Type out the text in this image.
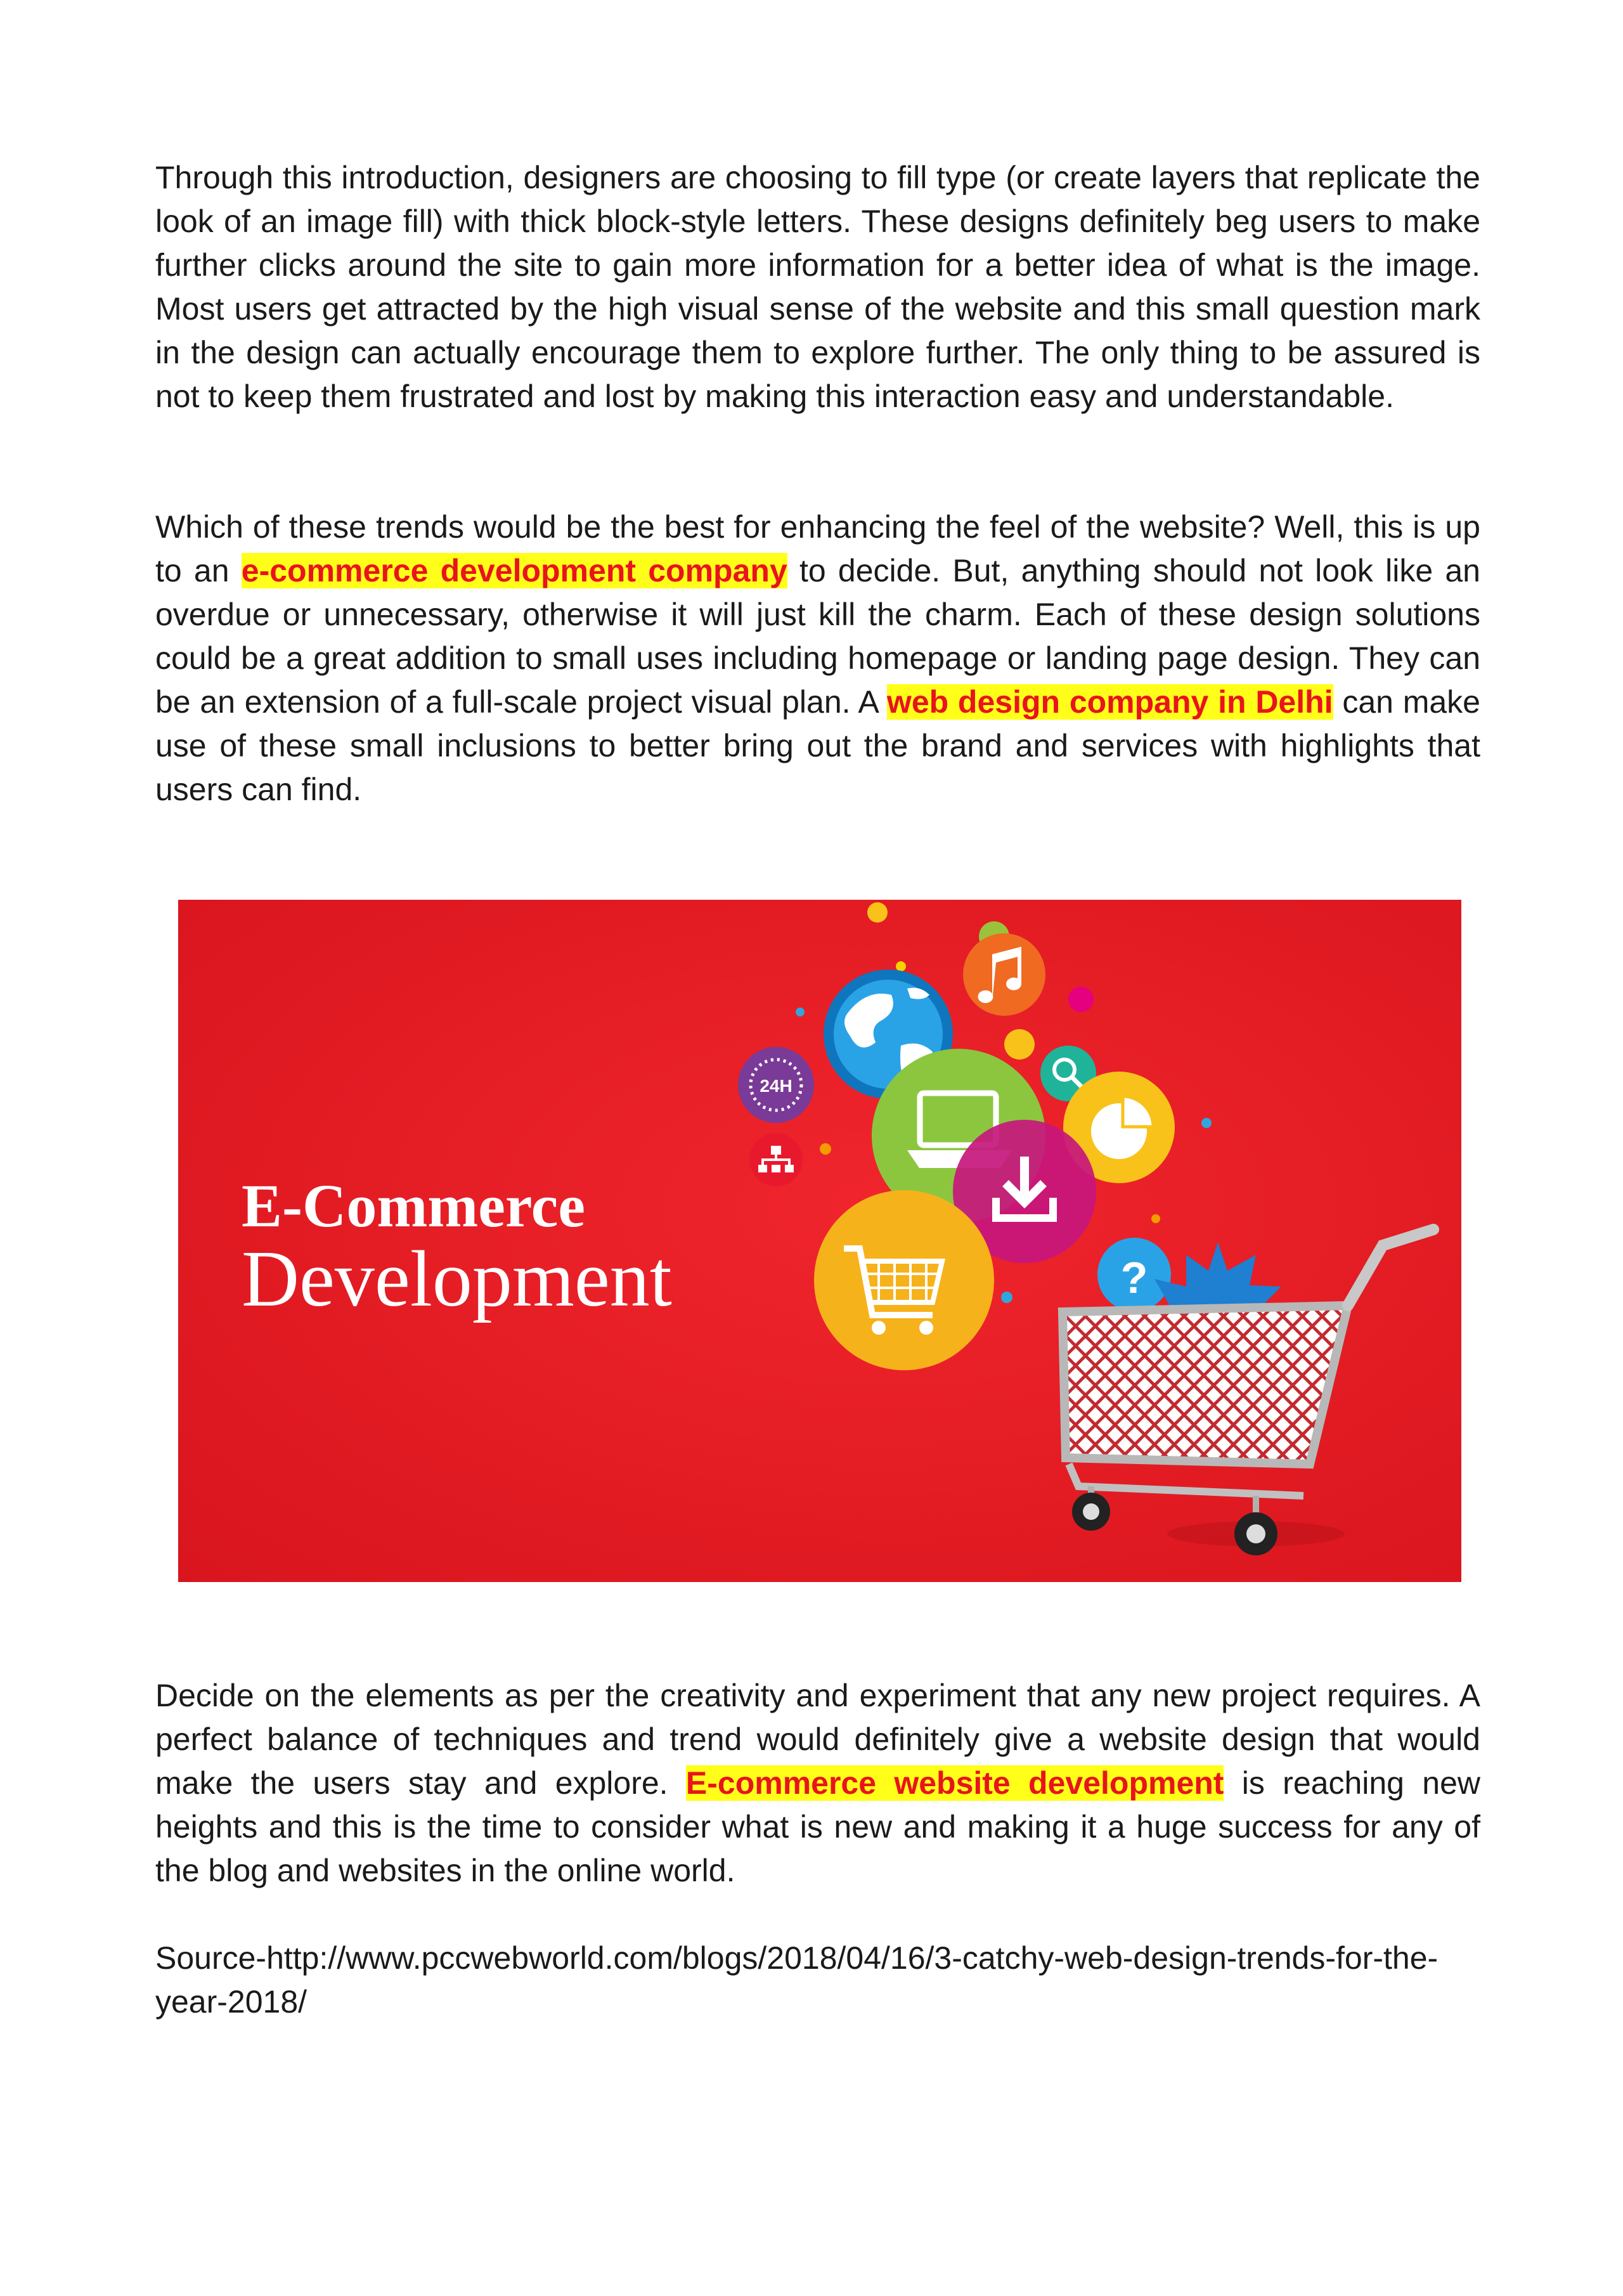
Through this introduction, designers are choosing to fill type (or create layers that replicate the look of an image fill) with thick block-style letters. These designs definitely beg users to make further clicks around the site to gain more information for a better idea of what is the image. Most users get attracted by the high visual sense of the website and this small question mark in the design can actually encourage them to explore further. The only thing to be assured is not to keep them frustrated and lost by making this interaction easy and understandable.

Which of these trends would be the best for enhancing the feel of the website? Well, this is up to an e-commerce development company to decide. But, anything should not look like an overdue or unnecessary, otherwise it will just kill the charm. Each of these design solutions could be a great addition to small uses including homepage or landing page design. They can be an extension of a full-scale project visual plan. A web design company in Delhi can make use of these small inclusions to better bring out the brand and services with highlights that users can find.

E-Commerce
Development
24H
?

Decide on the elements as per the creativity and experiment that any new project requires. A perfect balance of techniques and trend would definitely give a website design that would make the users stay and explore. E-commerce website development is reaching new heights and this is the time to consider what is new and making it a huge success for any of the blog and websites in the online world.

Source-http://www.pccwebworld.com/blogs/2018/04/16/3-catchy-web-design-trends-for-the-year-2018/
